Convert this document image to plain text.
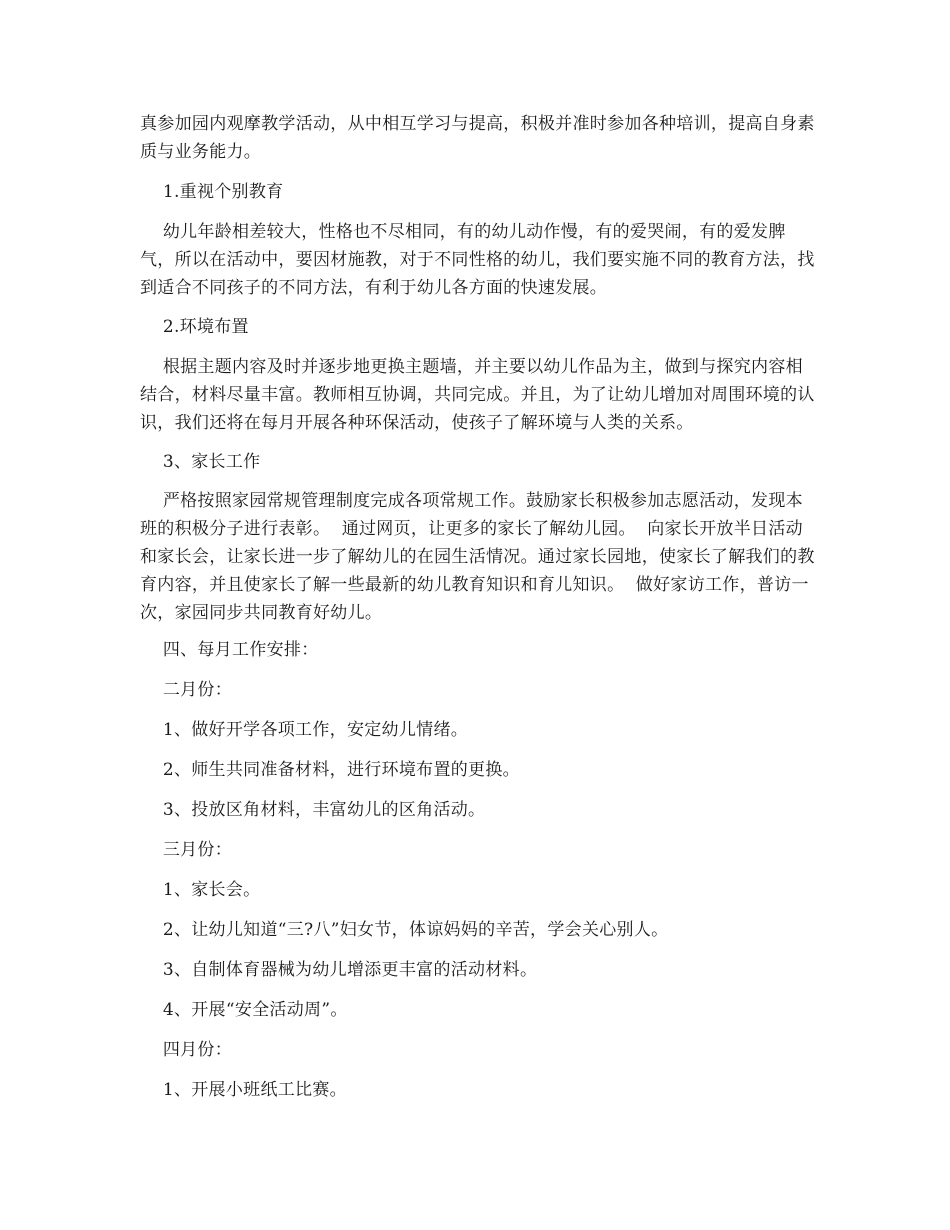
真参加园内观摩教学活动，从中相互学习与提高，积极并准时参加各种培训，提高自身素质与业务能力。

1.重视个别教育

幼儿年龄相差较大，性格也不尽相同，有的幼儿动作慢，有的爱哭闹，有的爱发脾气，所以在活动中，要因材施教，对于不同性格的幼儿，我们要实施不同的教育方法，找到适合不同孩子的不同方法，有利于幼儿各方面的快速发展。

2.环境布置

根据主题内容及时并逐步地更换主题墙，并主要以幼儿作品为主，做到与探究内容相结合，材料尽量丰富。教师相互协调，共同完成。并且，为了让幼儿增加对周围环境的认识，我们还将在每月开展各种环保活动，使孩子了解环境与人类的关系。

3、家长工作

严格按照家园常规管理制度完成各项常规工作。鼓励家长积极参加志愿活动，发现本班的积极分子进行表彰。  通过网页，让更多的家长了解幼儿园。  向家长开放半日活动和家长会，让家长进一步了解幼儿的在园生活情况。通过家长园地，使家长了解我们的教育内容，并且使家长了解一些最新的幼儿教育知识和育儿知识。  做好家访工作，普访一次，家园同步共同教育好幼儿。

四、每月工作安排：

二月份：

1、做好开学各项工作，安定幼儿情绪。

2、师生共同准备材料，进行环境布置的更换。

3、投放区角材料，丰富幼儿的区角活动。

三月份：

1、家长会。

2、让幼儿知道“三?八”妇女节，体谅妈妈的辛苦，学会关心别人。

3、自制体育器械为幼儿增添更丰富的活动材料。

4、开展“安全活动周”。

四月份：

1、开展小班纸工比赛。
